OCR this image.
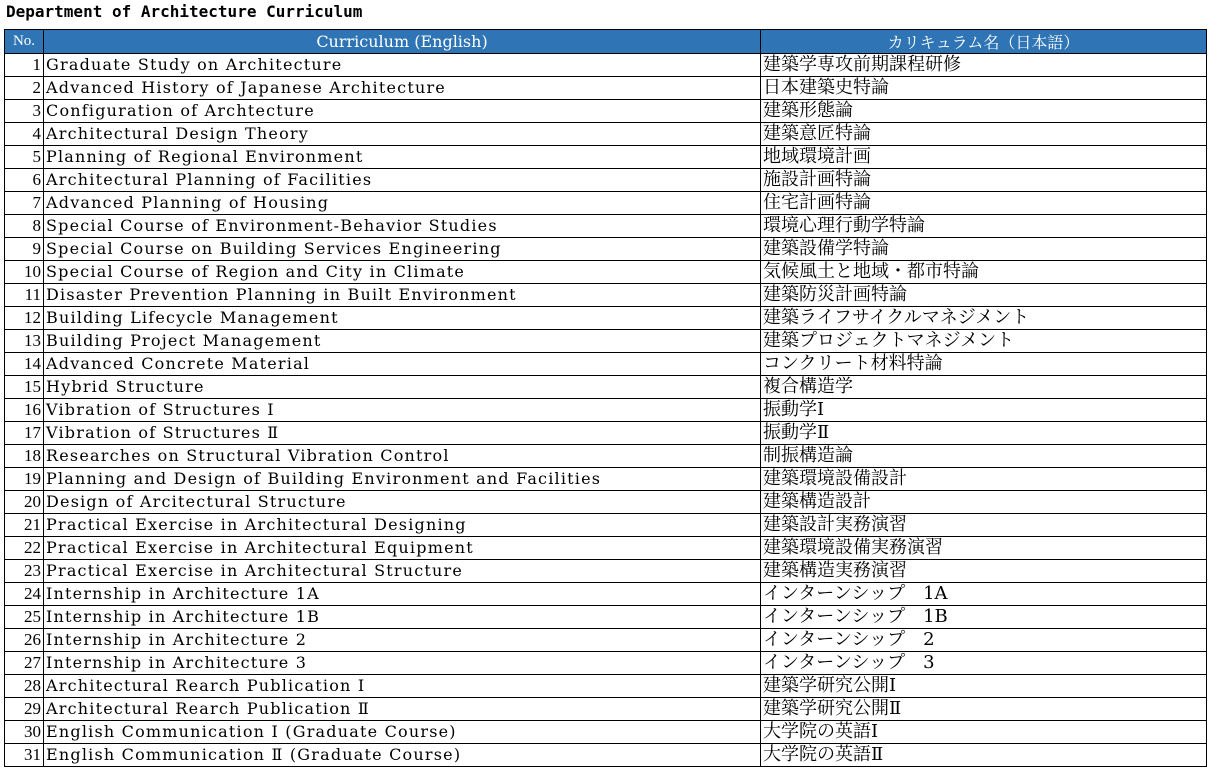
Department of Architecture Curriculum
No.	Curriculum (English)	カリキュラム名（日本語）
1	Graduate Study on Architecture	建築学専攻前期課程研修
2	Advanced History of Japanese Architecture	日本建築史特論
3	Configuration of Archtecture	建築形態論
4	Architectural Design Theory	建築意匠特論
5	Planning of Regional Environment	地域環境計画
6	Architectural Planning of Facilities	施設計画特論
7	Advanced Planning of Housing	住宅計画特論
8	Special Course of Environment-Behavior Studies	環境心理行動学特論
9	Special Course on Building Services Engineering	建築設備学特論
10	Special Course of Region and City in Climate	気候風土と地域・都市特論
11	Disaster Prevention Planning in Built Environment	建築防災計画特論
12	Building Lifecycle Management	建築ライフサイクルマネジメント
13	Building Project Management	建築プロジェクトマネジメント
14	Advanced Concrete Material	コンクリート材料特論
15	Hybrid Structure	複合構造学
16	Vibration of Structures Ⅰ	振動学Ⅰ
17	Vibration of Structures Ⅱ	振動学Ⅱ
18	Researches on Structural Vibration Control	制振構造論
19	Planning and Design of Building Environment and Facilities	建築環境設備設計
20	Design of Arcitectural Structure	建築構造設計
21	Practical Exercise in Architectural Designing	建築設計実務演習
22	Practical Exercise in Architectural Equipment	建築環境設備実務演習
23	Practical Exercise in Architectural Structure	建築構造実務演習
24	Internship in Architecture 1A	インターンシップ　1A
25	Internship in Architecture 1B	インターンシップ　1B
26	Internship in Architecture 2	インターンシップ　2
27	Internship in Architecture 3	インターンシップ　3
28	Architectural Rearch Publication Ⅰ	建築学研究公開Ⅰ
29	Architectural Rearch Publication Ⅱ	建築学研究公開Ⅱ
30	English Communication Ⅰ (Graduate Course)	大学院の英語Ⅰ
31	English Communication Ⅱ (Graduate Course)	大学院の英語Ⅱ
